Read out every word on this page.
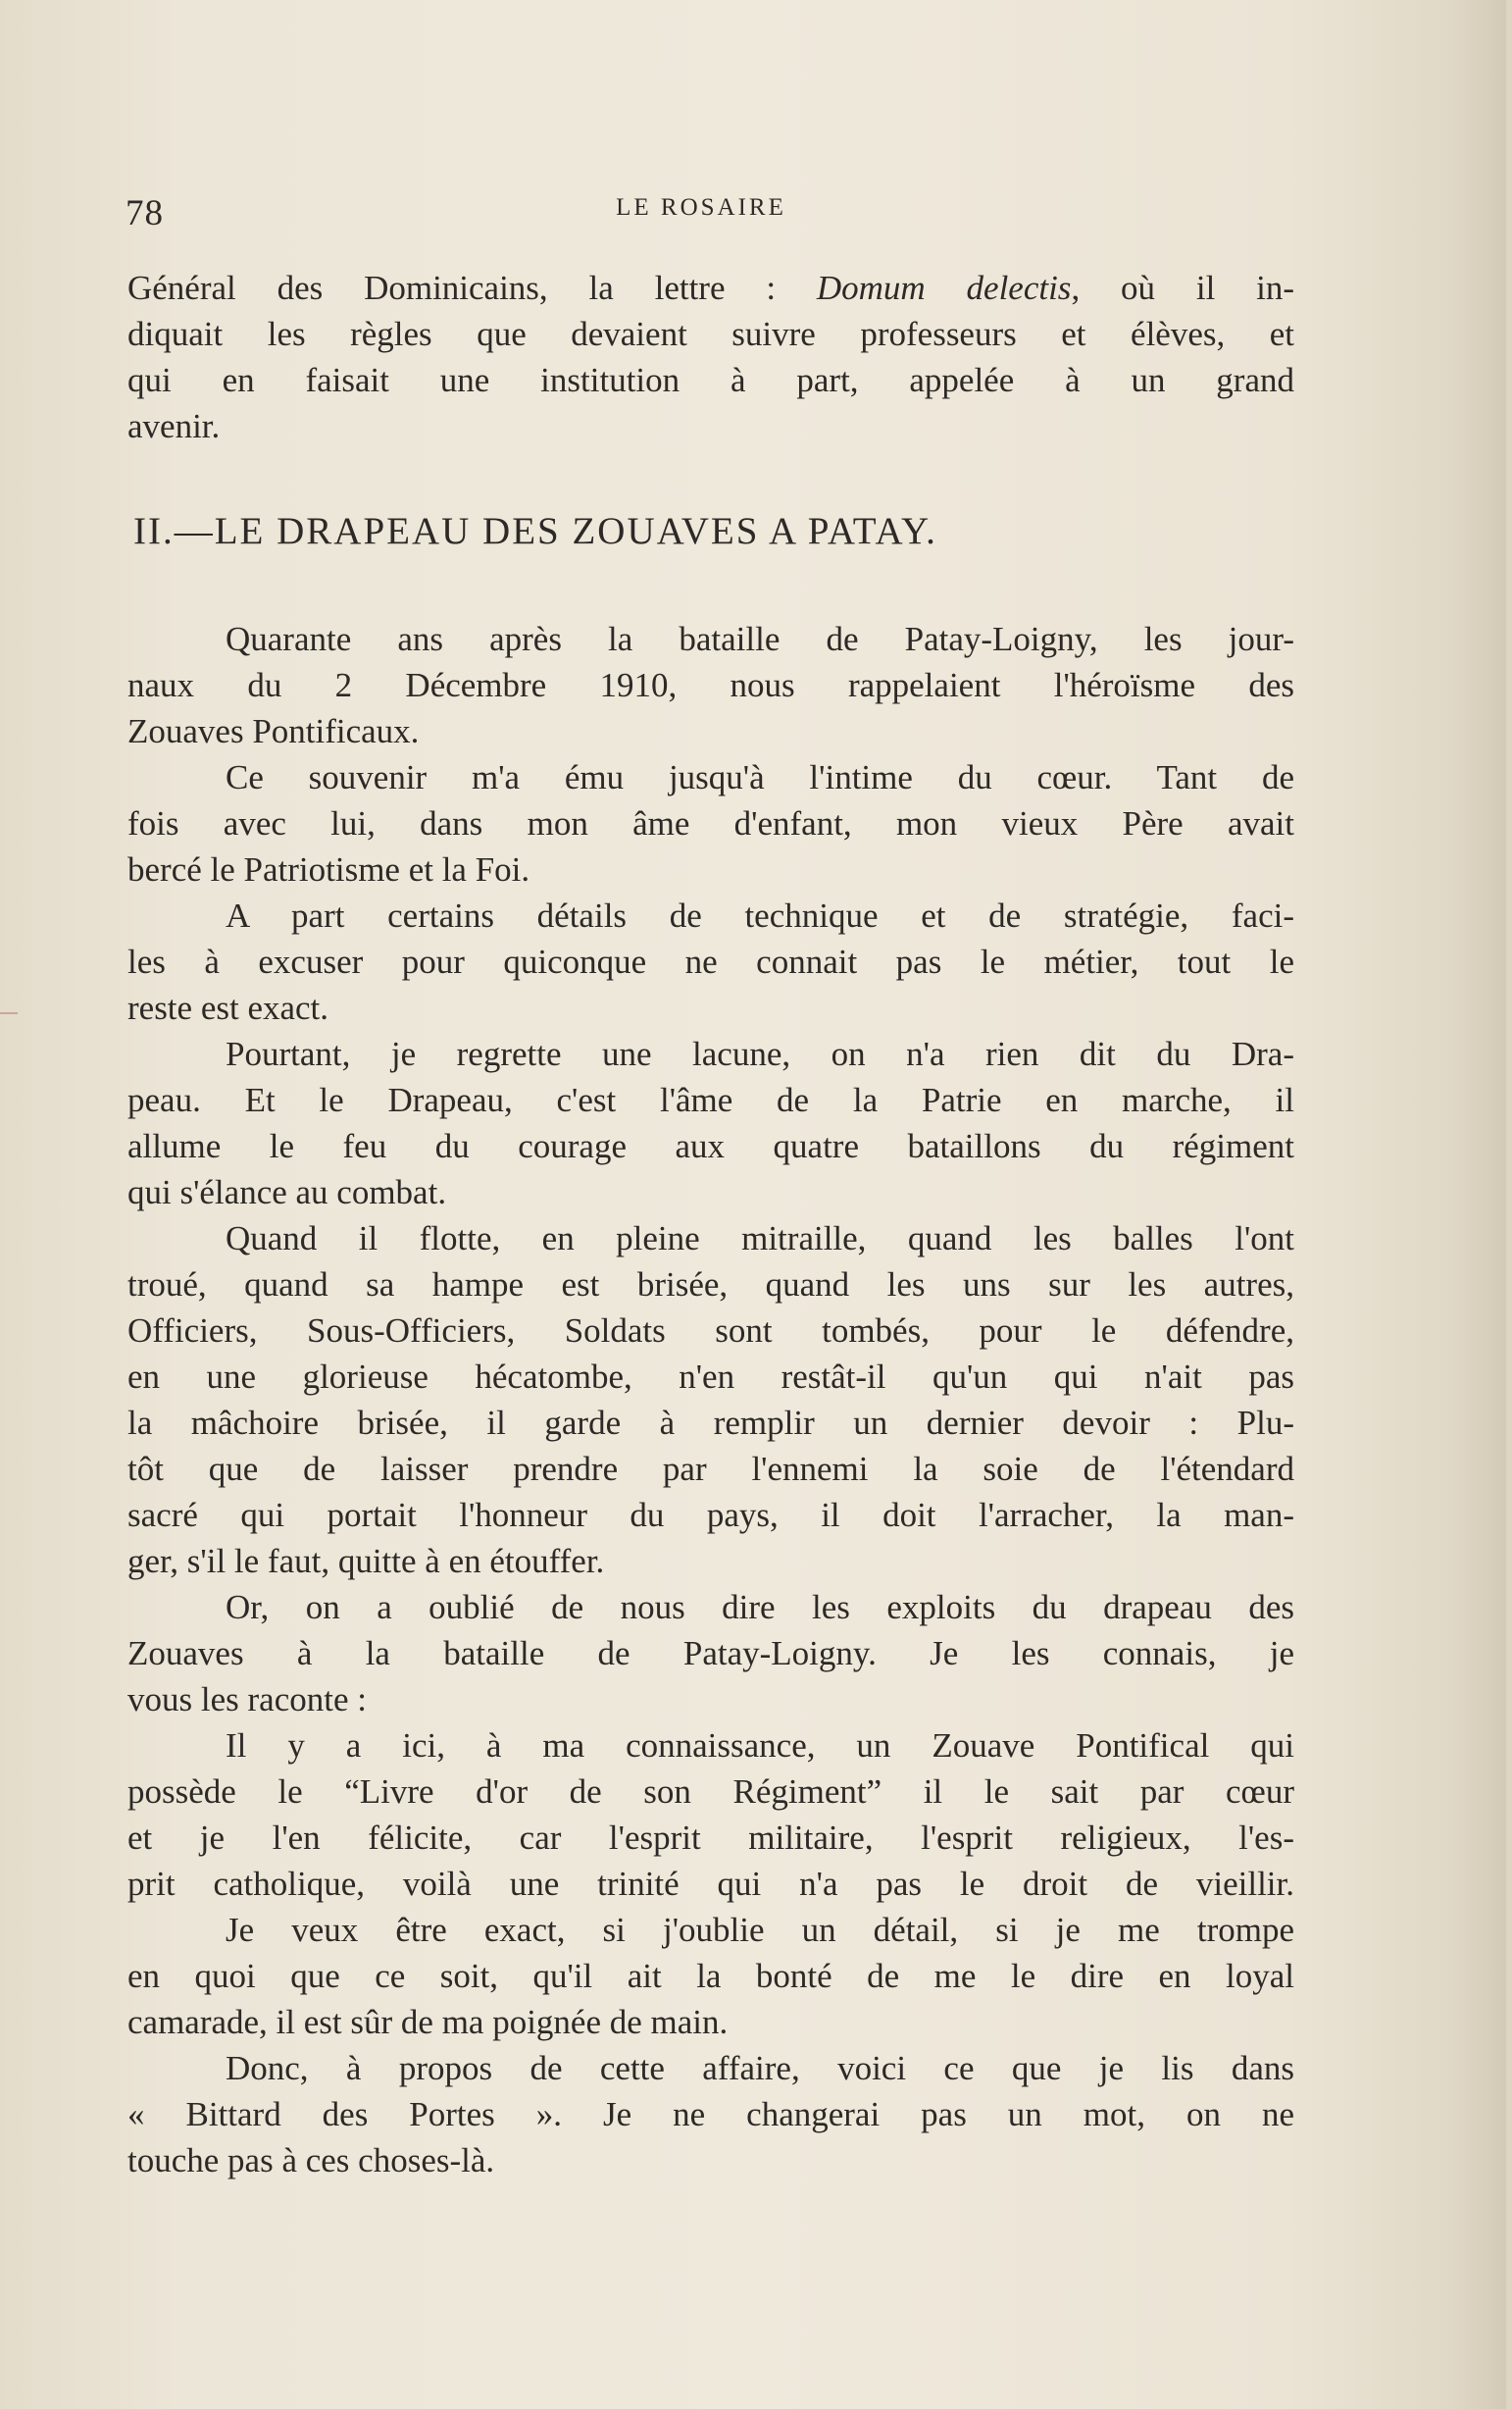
78	LE ROSAIRE
Général des Dominicains, la lettre : Domum delectis, où il in-
diquait les règles que devaient suivre professeurs et élèves, et
qui en faisait une institution à part, appelée à un grand
avenir.
II.—LE DRAPEAU DES ZOUAVES A PATAY.
Quarante ans après la bataille de Patay-Loigny, les jour-
naux du 2 Décembre 1910, nous rappelaient l'héroïsme des
Zouaves Pontificaux.
Ce souvenir m'a ému jusqu'à l'intime du cœur. Tant de
fois avec lui, dans mon âme d'enfant, mon vieux Père avait
bercé le Patriotisme et la Foi.
A part certains détails de technique et de stratégie, faci-
les à excuser pour quiconque ne connait pas le métier, tout le
reste est exact.
Pourtant, je regrette une lacune, on n'a rien dit du Dra-
peau. Et le Drapeau, c'est l'âme de la Patrie en marche, il
allume le feu du courage aux quatre bataillons du régiment
qui s'élance au combat.
Quand il flotte, en pleine mitraille, quand les balles l'ont
troué, quand sa hampe est brisée, quand les uns sur les autres,
Officiers, Sous-Officiers, Soldats sont tombés, pour le défendre,
en une glorieuse hécatombe, n'en restât-il qu'un qui n'ait pas
la mâchoire brisée, il garde à remplir un dernier devoir : Plu-
tôt que de laisser prendre par l'ennemi la soie de l'étendard
sacré qui portait l'honneur du pays, il doit l'arracher, la man-
ger, s'il le faut, quitte à en étouffer.
Or, on a oublié de nous dire les exploits du drapeau des
Zouaves à la bataille de Patay-Loigny. Je les connais, je
vous les raconte :
Il y a ici, à ma connaissance, un Zouave Pontifical qui
possède le “Livre d'or de son Régiment” il le sait par cœur
et je l'en félicite, car l'esprit militaire, l'esprit religieux, l'es-
prit catholique, voilà une trinité qui n'a pas le droit de vieillir.
Je veux être exact, si j'oublie un détail, si je me trompe
en quoi que ce soit, qu'il ait la bonté de me le dire en loyal
camarade, il est sûr de ma poignée de main.
Donc, à propos de cette affaire, voici ce que je lis dans
« Bittard des Portes ». Je ne changerai pas un mot, on ne
touche pas à ces choses-là.
